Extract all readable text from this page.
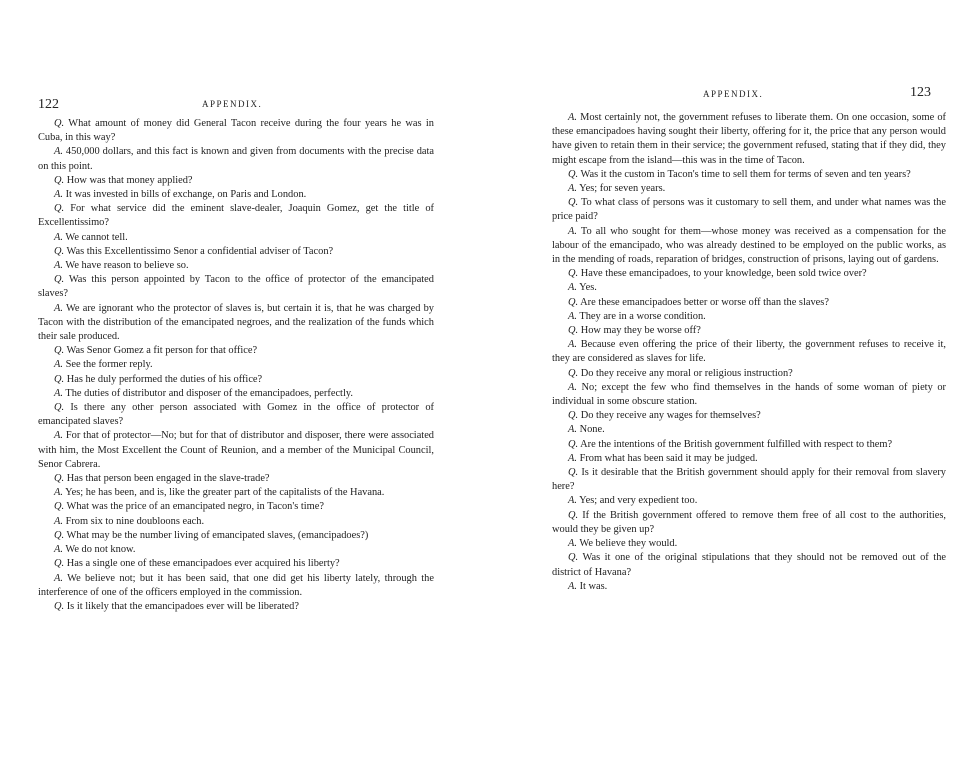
122	APPENDIX.

Q. What amount of money did General Tacon receive during the four years he was in Cuba, in this way?

A. 450,000 dollars, and this fact is known and given from documents with the precise data on this point.

Q. How was that money applied?

A. It was invested in bills of exchange, on Paris and London.

Q. For what service did the eminent slave-dealer, Joaquin Gomez, get the title of Excellentissimo?

A. We cannot tell.

Q. Was this Excellentissimo Senor a confidential adviser of Tacon?

A. We have reason to believe so.

Q. Was this person appointed by Tacon to the office of protector of the emancipated slaves?

A. We are ignorant who the protector of slaves is, but certain it is, that he was charged by Tacon with the distribution of the emancipated negroes, and the realization of the funds which their sale produced.

Q. Was Senor Gomez a fit person for that office?

A. See the former reply.

Q. Has he duly performed the duties of his office?

A. The duties of distributor and disposer of the emancipadoes, perfectly.

Q. Is there any other person associated with Gomez in the office of protector of emancipated slaves?

A. For that of protector—No; but for that of distributor and disposer, there were associated with him, the Most Excellent the Count of Reunion, and a member of the Municipal Council, Senor Cabrera.

Q. Has that person been engaged in the slave-trade?

A. Yes; he has been, and is, like the greater part of the capitalists of the Havana.

Q. What was the price of an emancipated negro, in Tacon's time?

A. From six to nine doubloons each.

Q. What may be the number living of emancipated slaves, (emancipadoes?)

A. We do not know.

Q. Has a single one of these emancipadoes ever acquired his liberty?

A. We believe not; but it has been said, that one did get his liberty lately, through the interference of one of the officers employed in the commission.

Q. Is it likely that the emancipadoes ever will be liberated?

APPENDIX.	123

A. Most certainly not, the government refuses to liberate them. On one occasion, some of these emancipadoes having sought their liberty, offering for it, the price that any person would have given to retain them in their service; the government refused, stating that if they did, they might escape from the island—this was in the time of Tacon.

Q. Was it the custom in Tacon's time to sell them for terms of seven and ten years?

A. Yes; for seven years.

Q. To what class of persons was it customary to sell them, and under what names was the price paid?

A. To all who sought for them—whose money was received as a compensation for the labour of the emancipado, who was already destined to be employed on the public works, as in the mending of roads, reparation of bridges, construction of prisons, laying out of gardens.

Q. Have these emancipadoes, to your knowledge, been sold twice over?

A. Yes.

Q. Are these emancipadoes better or worse off than the slaves?

A. They are in a worse condition.

Q. How may they be worse off?

A. Because even offering the price of their liberty, the government refuses to receive it, they are considered as slaves for life.

Q. Do they receive any moral or religious instruction?

A. No; except the few who find themselves in the hands of some woman of piety or individual in some obscure station.

Q. Do they receive any wages for themselves?

A. None.

Q. Are the intentions of the British government fulfilled with respect to them?

A. From what has been said it may be judged.

Q. Is it desirable that the British government should apply for their removal from slavery here?

A. Yes; and very expedient too.

Q. If the British government offered to remove them free of all cost to the authorities, would they be given up?

A. We believe they would.

Q. Was it one of the original stipulations that they should not be removed out of the district of Havana?

A. It was.
